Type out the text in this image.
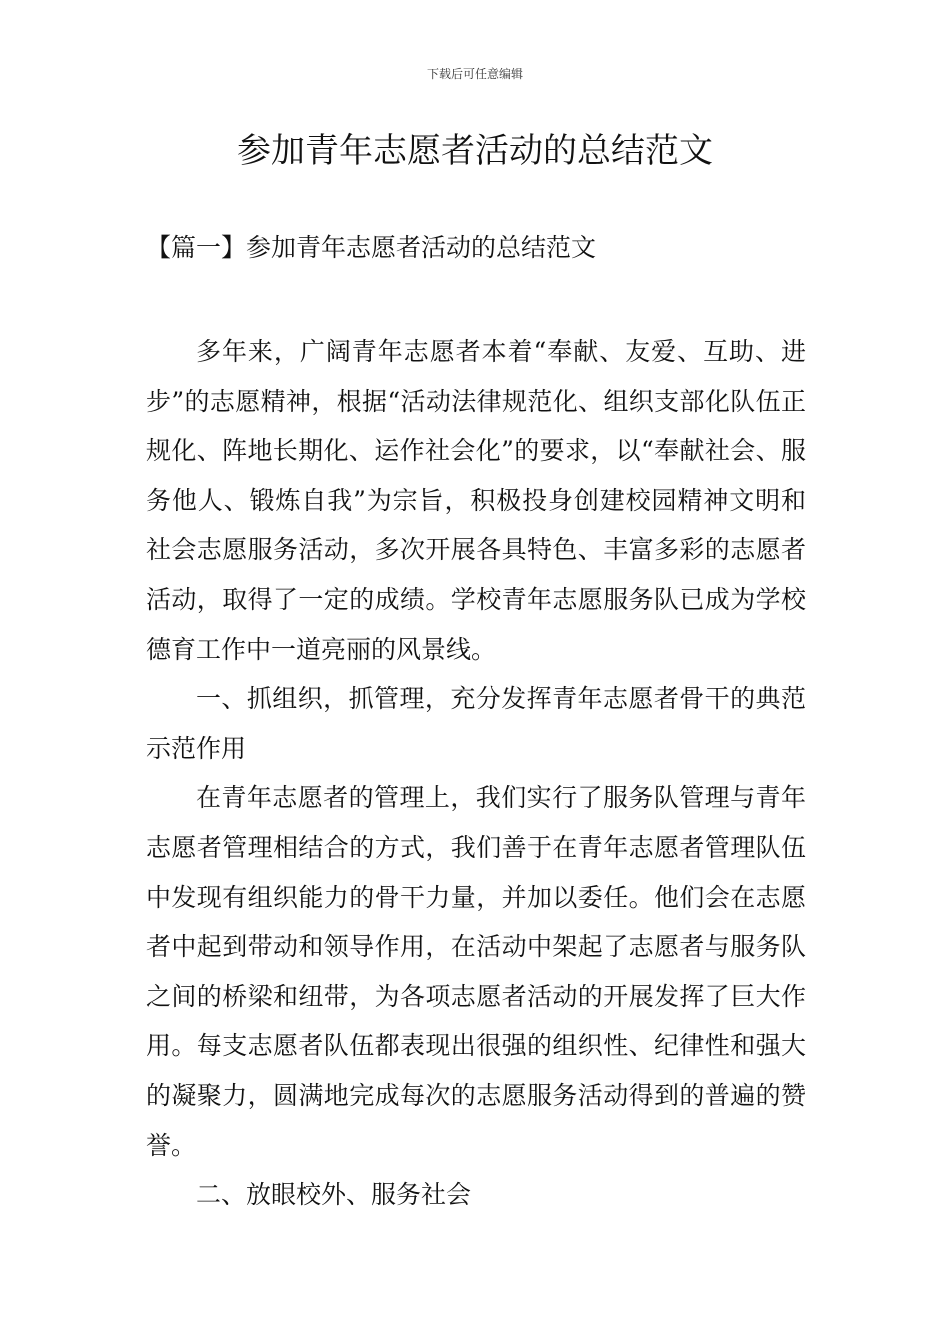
下载后可任意编辑
参加青年志愿者活动的总结范文
【篇一】参加青年志愿者活动的总结范文

多年来，广阔青年志愿者本着“奉献、友爱、互助、进步”的志愿精神，根据“活动法律规范化、组织支部化队伍正规化、阵地长期化、运作社会化”的要求，以“奉献社会、服务他人、锻炼自我”为宗旨，积极投身创建校园精神文明和社会志愿服务活动，多次开展各具特色、丰富多彩的志愿者活动，取得了一定的成绩。学校青年志愿服务队已成为学校德育工作中一道亮丽的风景线。

一、抓组织，抓管理，充分发挥青年志愿者骨干的典范示范作用

在青年志愿者的管理上，我们实行了服务队管理与青年志愿者管理相结合的方式，我们善于在青年志愿者管理队伍中发现有组织能力的骨干力量，并加以委任。他们会在志愿者中起到带动和领导作用，在活动中架起了志愿者与服务队之间的桥梁和纽带，为各项志愿者活动的开展发挥了巨大作用。每支志愿者队伍都表现出很强的组织性、纪律性和强大的凝聚力，圆满地完成每次的志愿服务活动得到的普遍的赞誉。

二、放眼校外、服务社会
